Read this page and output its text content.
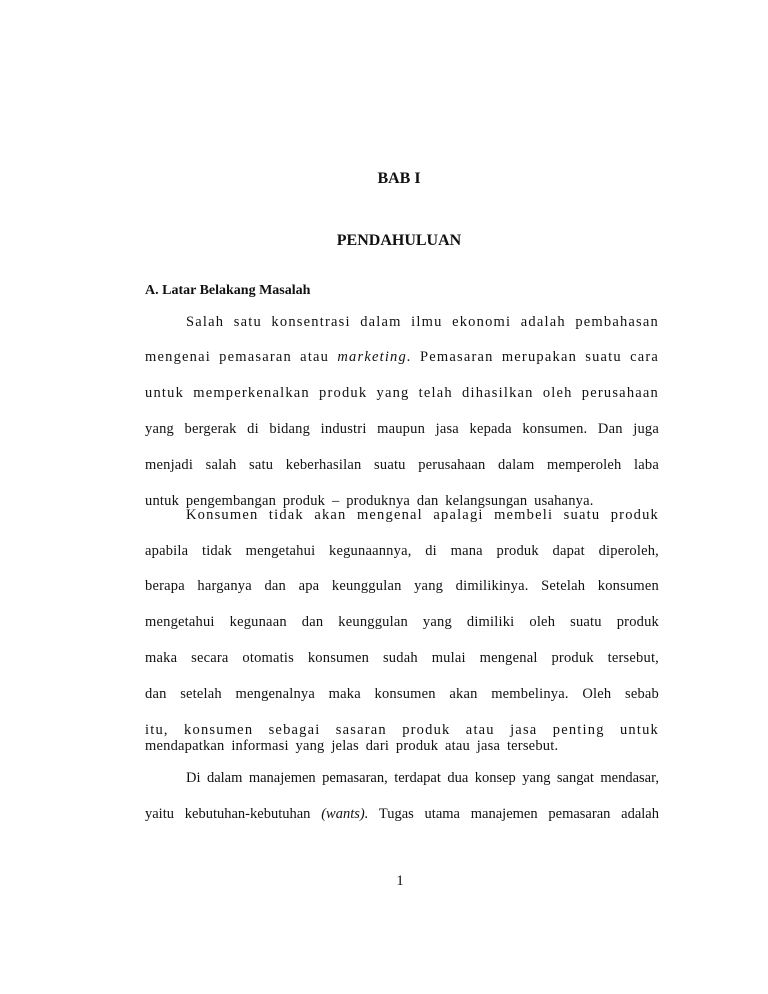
BAB I
PENDAHULUAN
A. Latar Belakang Masalah
Salah satu konsentrasi dalam ilmu ekonomi adalah pembahasan
mengenai pemasaran atau marketing. Pemasaran merupakan suatu cara
untuk memperkenalkan produk yang telah dihasilkan oleh perusahaan
yang bergerak di bidang industri maupun jasa kepada konsumen. Dan juga
menjadi salah satu keberhasilan suatu perusahaan dalam memperoleh laba
untuk pengembangan produk – produknya dan kelangsungan usahanya.
Konsumen tidak akan mengenal apalagi membeli suatu produk
apabila tidak mengetahui kegunaannya, di mana produk dapat diperoleh,
berapa harganya dan apa keunggulan yang dimilikinya. Setelah konsumen
mengetahui kegunaan dan keunggulan yang dimiliki oleh suatu produk
maka secara otomatis konsumen sudah mulai mengenal produk tersebut,
dan setelah mengenalnya maka konsumen akan membelinya. Oleh sebab
itu, konsumen sebagai sasaran produk atau jasa penting untuk
mendapatkan informasi yang jelas dari produk atau jasa tersebut.
Di dalam manajemen pemasaran, terdapat dua konsep yang sangat mendasar,
yaitu kebutuhan-kebutuhan (wants). Tugas utama manajemen pemasaran adalah
1
